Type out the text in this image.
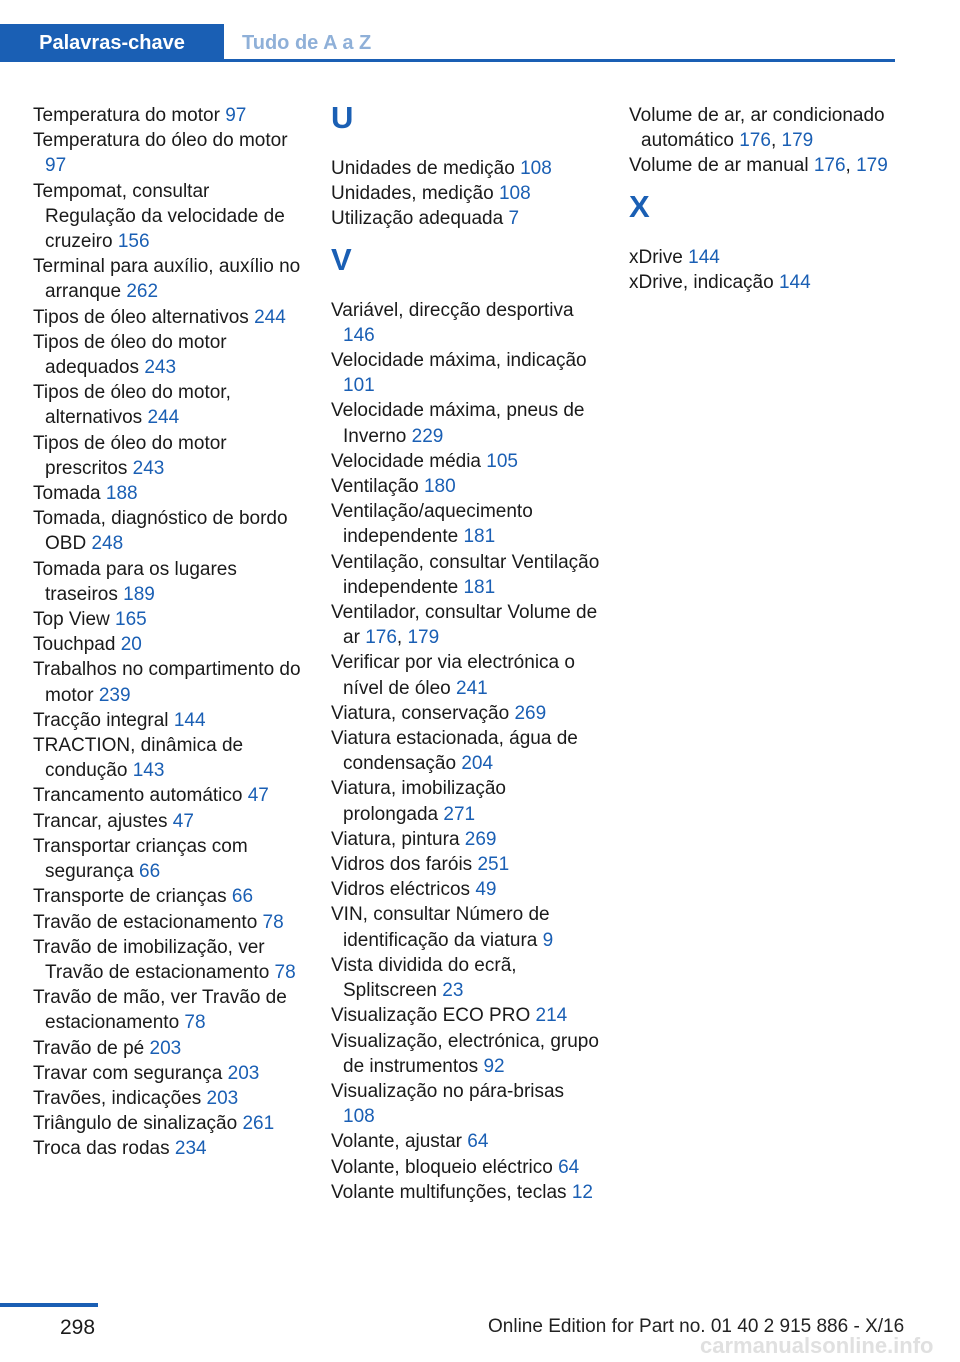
Palavras-chave	Tudo de A a Z
Temperatura do motor 97
Temperatura do óleo do motor 97
Tempomat, consultar Regulação da velocidade de cruzeiro 156
Terminal para auxílio, auxílio no arranque 262
Tipos de óleo alternativos 244
Tipos de óleo do motor adequados 243
Tipos de óleo do motor, alternativos 244
Tipos de óleo do motor prescritos 243
Tomada 188
Tomada, diagnóstico de bordo OBD 248
Tomada para os lugares traseiros 189
Top View 165
Touchpad 20
Trabalhos no compartimento do motor 239
Tracção integral 144
TRACTION, dinâmica de condução 143
Trancamento automático 47
Trancar, ajustes 47
Transportar crianças com segurança 66
Transporte de crianças 66
Travão de estacionamento 78
Travão de imobilização, ver Travão de estacionamento 78
Travão de mão, ver Travão de estacionamento 78
Travão de pé 203
Travar com segurança 203
Travões, indicações 203
Triângulo de sinalização 261
Troca das rodas 234
U
Unidades de medição 108
Unidades, medição 108
Utilização adequada 7
V
Variável, direcção desportiva 146
Velocidade máxima, indicação 101
Velocidade máxima, pneus de Inverno 229
Velocidade média 105
Ventilação 180
Ventilação/aquecimento independente 181
Ventilação, consultar Ventilação independente 181
Ventilador, consultar Volume de ar 176, 179
Verificar por via electrónica o nível de óleo 241
Viatura, conservação 269
Viatura estacionada, água de condensação 204
Viatura, imobilização prolongada 271
Viatura, pintura 269
Vidros dos faróis 251
Vidros eléctricos 49
VIN, consultar Número de identificação da viatura 9
Vista dividida do ecrã, Splitscreen 23
Visualização ECO PRO 214
Visualização, electrónica, grupo de instrumentos 92
Visualização no pára-brisas 108
Volante, ajustar 64
Volante, bloqueio eléctrico 64
Volante multifunções, teclas 12
Volume de ar, ar condicionado automático 176, 179
Volume de ar manual 176, 179
X
xDrive 144
xDrive, indicação 144
298	Online Edition for Part no. 01 40 2 915 886 - X/16
carmanualsonline.info
